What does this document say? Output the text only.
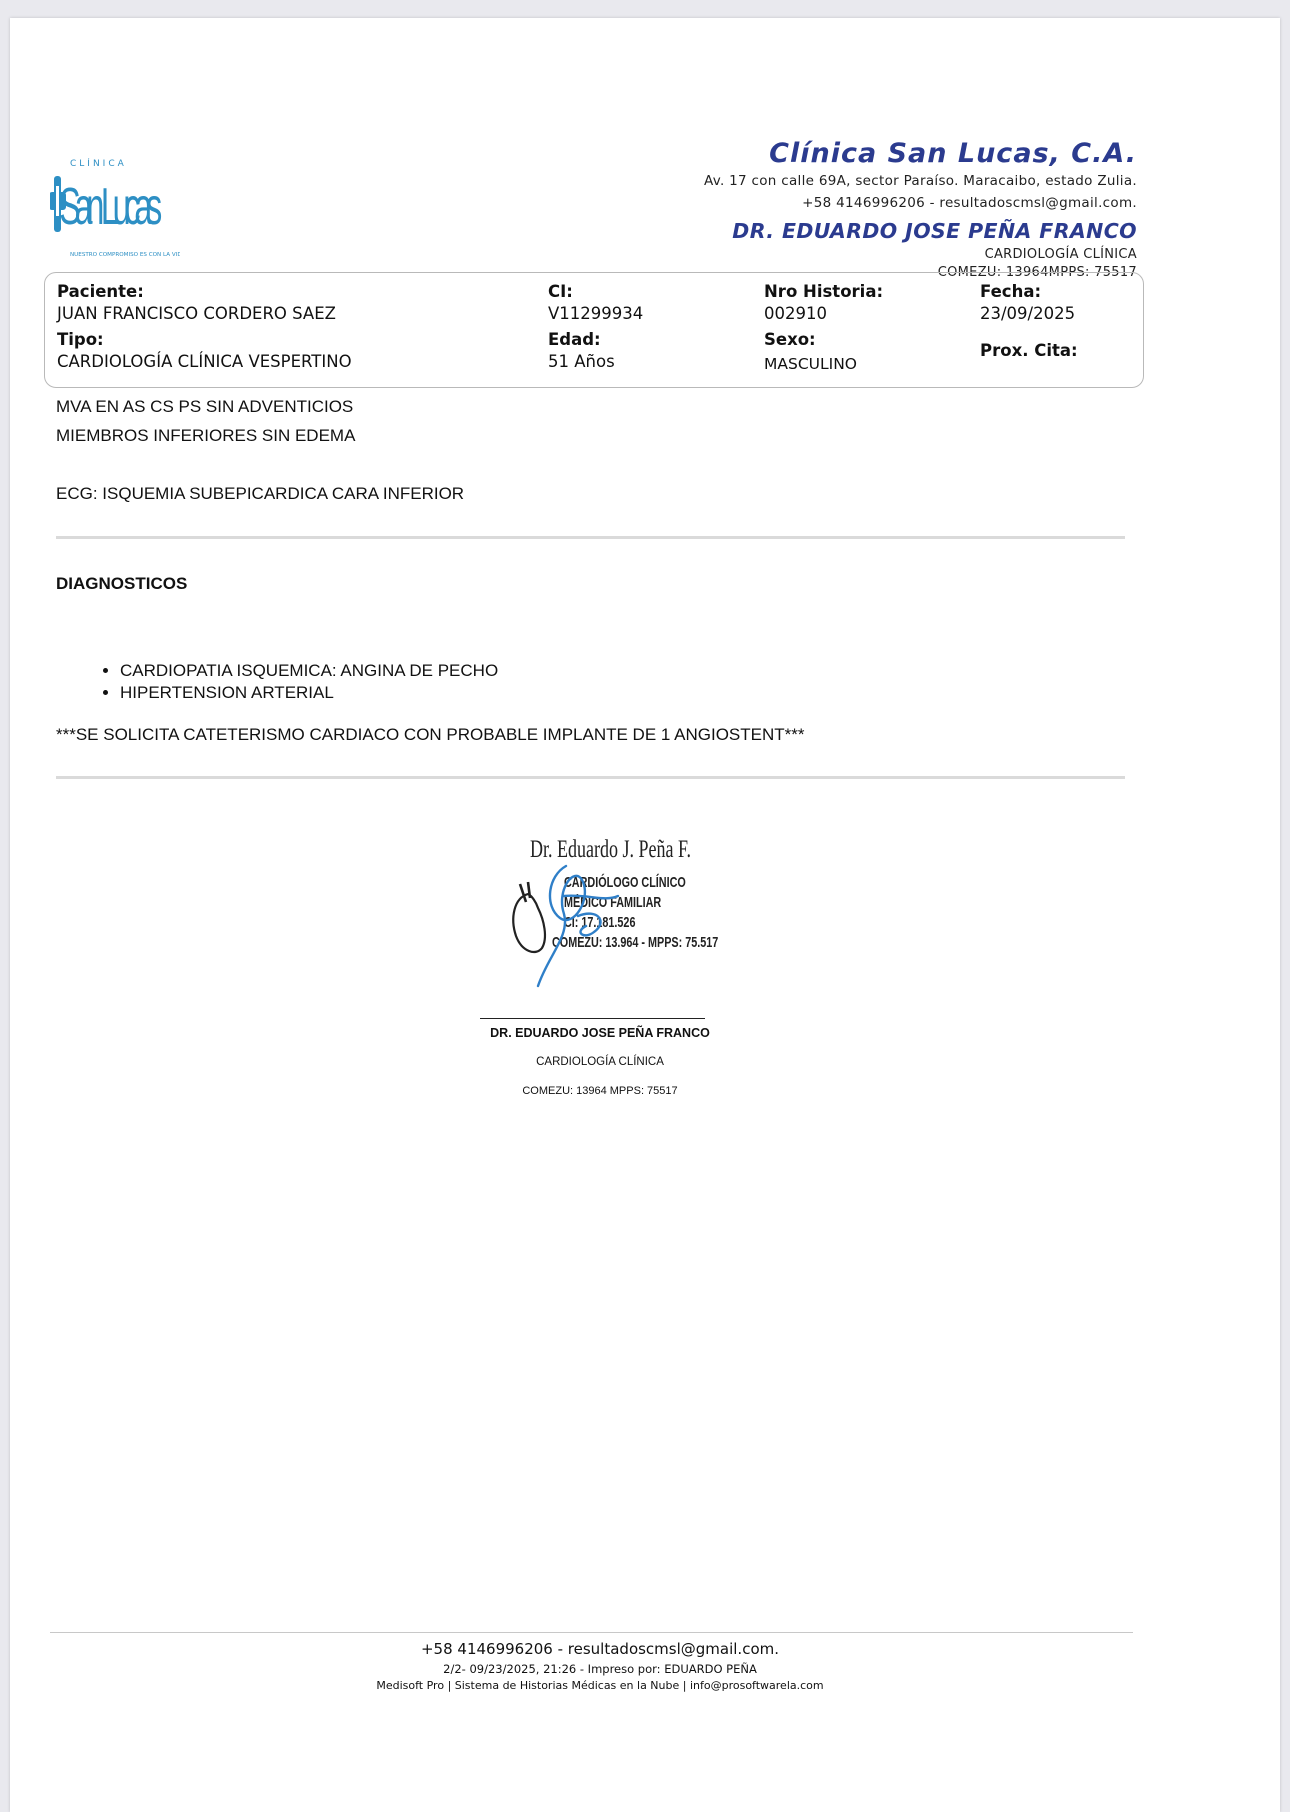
CLÍNICA
San Lucas
NUESTRO COMPROMISO ES CON LA VIDA
Clínica San Lucas, C.A.
Av. 17 con calle 69A, sector Paraíso. Maracaibo, estado Zulia.
+58 4146996206 - resultadoscmsl@gmail.com.
DR. EDUARDO JOSE PEÑA FRANCO
CARDIOLOGÍA CLÍNICA
COMEZU: 13964MPPS: 75517
Paciente:
JUAN FRANCISCO CORDERO SAEZ
CI:
V11299934
Nro Historia:
002910
Fecha:
23/09/2025
Tipo:
CARDIOLOGÍA CLÍNICA VESPERTINO
Edad:
51 Años
Sexo:
MASCULINO
Prox. Cita:
MVA EN AS CS PS SIN ADVENTICIOS
MIEMBROS INFERIORES SIN EDEMA
ECG: ISQUEMIA SUBEPICARDICA CARA INFERIOR
DIAGNOSTICOS
• CARDIOPATIA ISQUEMICA: ANGINA DE PECHO
• HIPERTENSION ARTERIAL
***SE SOLICITA CATETERISMO CARDIACO CON PROBABLE IMPLANTE DE 1 ANGIOSTENT***
Dr. Eduardo J. Peña F.
CARDIÓLOGO CLÍNICO
MÉDICO FAMILIAR
CI: 17.181.526
COMEZU: 13.964 - MPPS: 75.517
DR. EDUARDO JOSE PEÑA FRANCO
CARDIOLOGÍA CLÍNICA
COMEZU: 13964 MPPS: 75517
+58 4146996206 - resultadoscmsl@gmail.com.
2/2- 09/23/2025, 21:26 - Impreso por: EDUARDO PEÑA
Medisoft Pro | Sistema de Historias Médicas en la Nube | info@prosoftwarela.com
